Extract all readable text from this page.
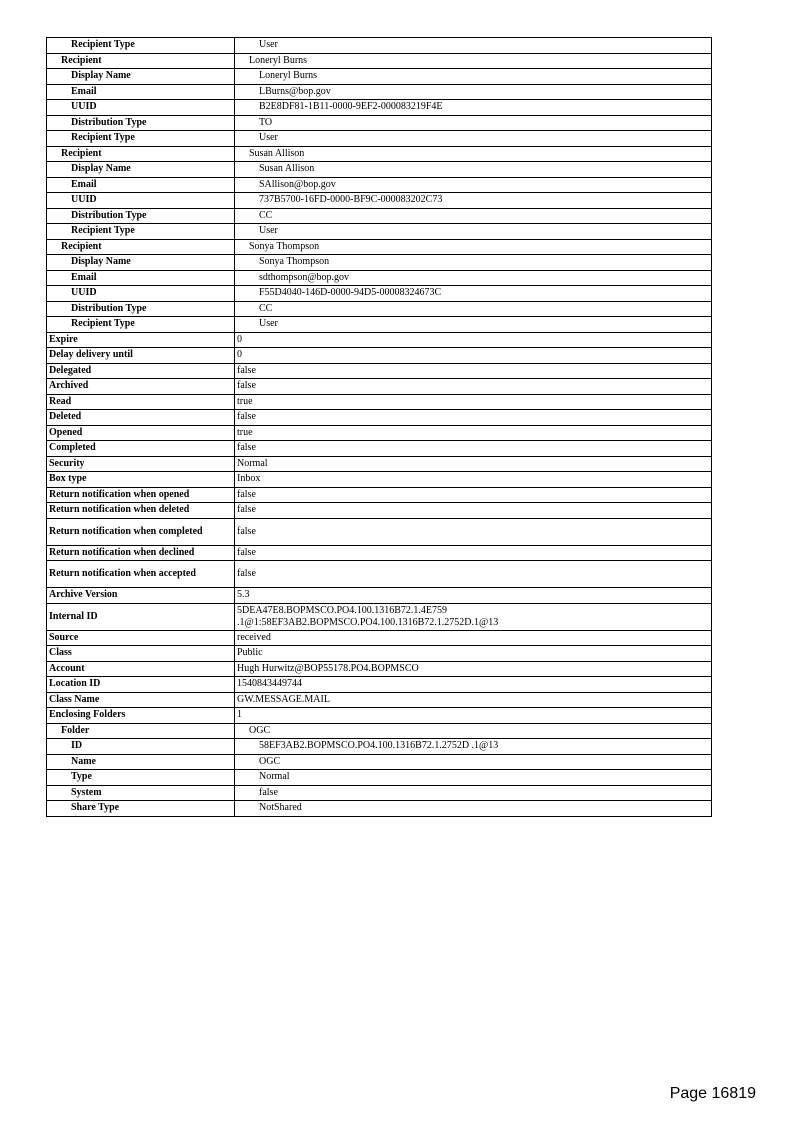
Recipient Type	User
Recipient	Loneryl Burns
Display Name	Loneryl Burns
Email	LBurns@bop.gov
UUID	B2E8DF81-1B11-0000-9EF2-000083219F4E
Distribution Type	TO
Recipient Type	User
Recipient	Susan Allison
Display Name	Susan Allison
Email	SAllison@bop.gov
UUID	737B5700-16FD-0000-BF9C-000083202C73
Distribution Type	CC
Recipient Type	User
Recipient	Sonya Thompson
Display Name	Sonya Thompson
Email	sdthompson@bop.gov
UUID	F55D4040-146D-0000-94D5-00008324673C
Distribution Type	CC
Recipient Type	User
Expire	0
Delay delivery until	0
Delegated	false
Archived	false
Read	true
Deleted	false
Opened	true
Completed	false
Security	Normal
Box type	Inbox
Return notification when opened	false
Return notification when deleted	false
Return notification when completed	false
Return notification when declined	false
Return notification when accepted	false
Archive Version	5.3
Internal ID	5DEA47E8.BOPMSCO.PO4.100.1316B72.1.4E759 .1@1:58EF3AB2.BOPMSCO.PO4.100.1316B72.1.2752D.1@13
Source	received
Class	Public
Account	Hugh Hurwitz@BOP55178.PO4.BOPMSCO
Location ID	1540843449744
Class Name	GW.MESSAGE.MAIL
Enclosing Folders	1
Folder	OGC
ID	58EF3AB2.BOPMSCO.PO4.100.1316B72.1.2752D .1@13
Name	OGC
Type	Normal
System	false
Share Type	NotShared
Page 16819
